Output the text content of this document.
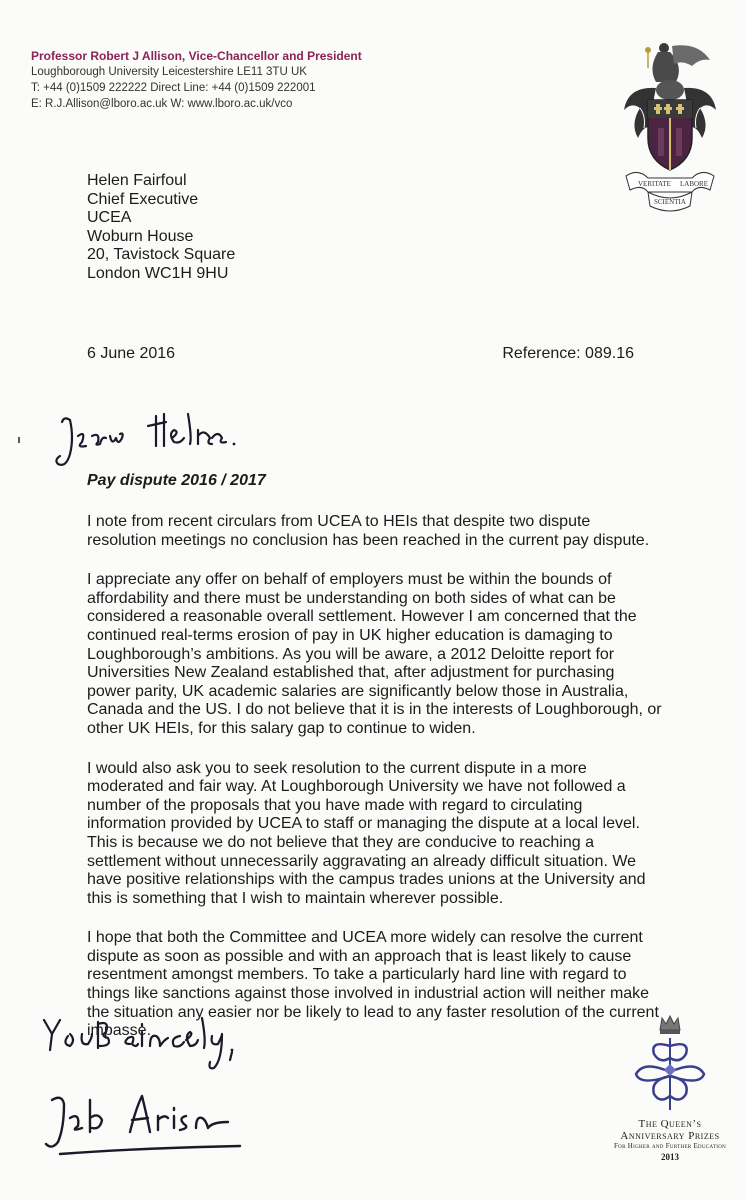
Professor Robert J Allison, Vice-Chancellor and President
Loughborough University Leicestershire LE11 3TU UK
T: +44 (0)1509 222222 Direct Line: +44 (0)1509 222001
E: R.J.Allison@lboro.ac.uk W: www.lboro.ac.uk/vco
VERITATE LABORE
SCIENTIA
Helen Fairfoul
Chief Executive
UCEA
Woburn House
20, Tavistock Square
London WC1H 9HU
6 June 2016	Reference: 089.16
Pay dispute 2016 / 2017

I note from recent circulars from UCEA to HEIs that despite two dispute resolution meetings no conclusion has been reached in the current pay dispute.

I appreciate any offer on behalf of employers must be within the bounds of affordability and there must be understanding on both sides of what can be considered a reasonable overall settlement. However I am concerned that the continued real-terms erosion of pay in UK higher education is damaging to Loughborough’s ambitions. As you will be aware, a 2012 Deloitte report for Universities New Zealand established that, after adjustment for purchasing power parity, UK academic salaries are significantly below those in Australia, Canada and the US. I do not believe that it is in the interests of Loughborough, or other UK HEIs, for this salary gap to continue to widen.

I would also ask you to seek resolution to the current dispute in a more moderated and fair way. At Loughborough University we have not followed a number of the proposals that you have made with regard to circulating information provided by UCEA to staff or managing the dispute at a local level. This is because we do not believe that they are conducive to reaching a settlement without unnecessarily aggravating an already difficult situation. We have positive relationships with the campus trades unions at the University and this is something that I wish to maintain wherever possible.

I hope that both the Committee and UCEA more widely can resolve the current dispute as soon as possible and with an approach that is least likely to cause resentment amongst members. To take a particularly hard line with regard to things like sanctions against those involved in industrial action will neither make the situation any easier nor be likely to lead to any faster resolution of the current impasse.

The Queen’s
Anniversary Prizes
For Higher and Further Education
2013
